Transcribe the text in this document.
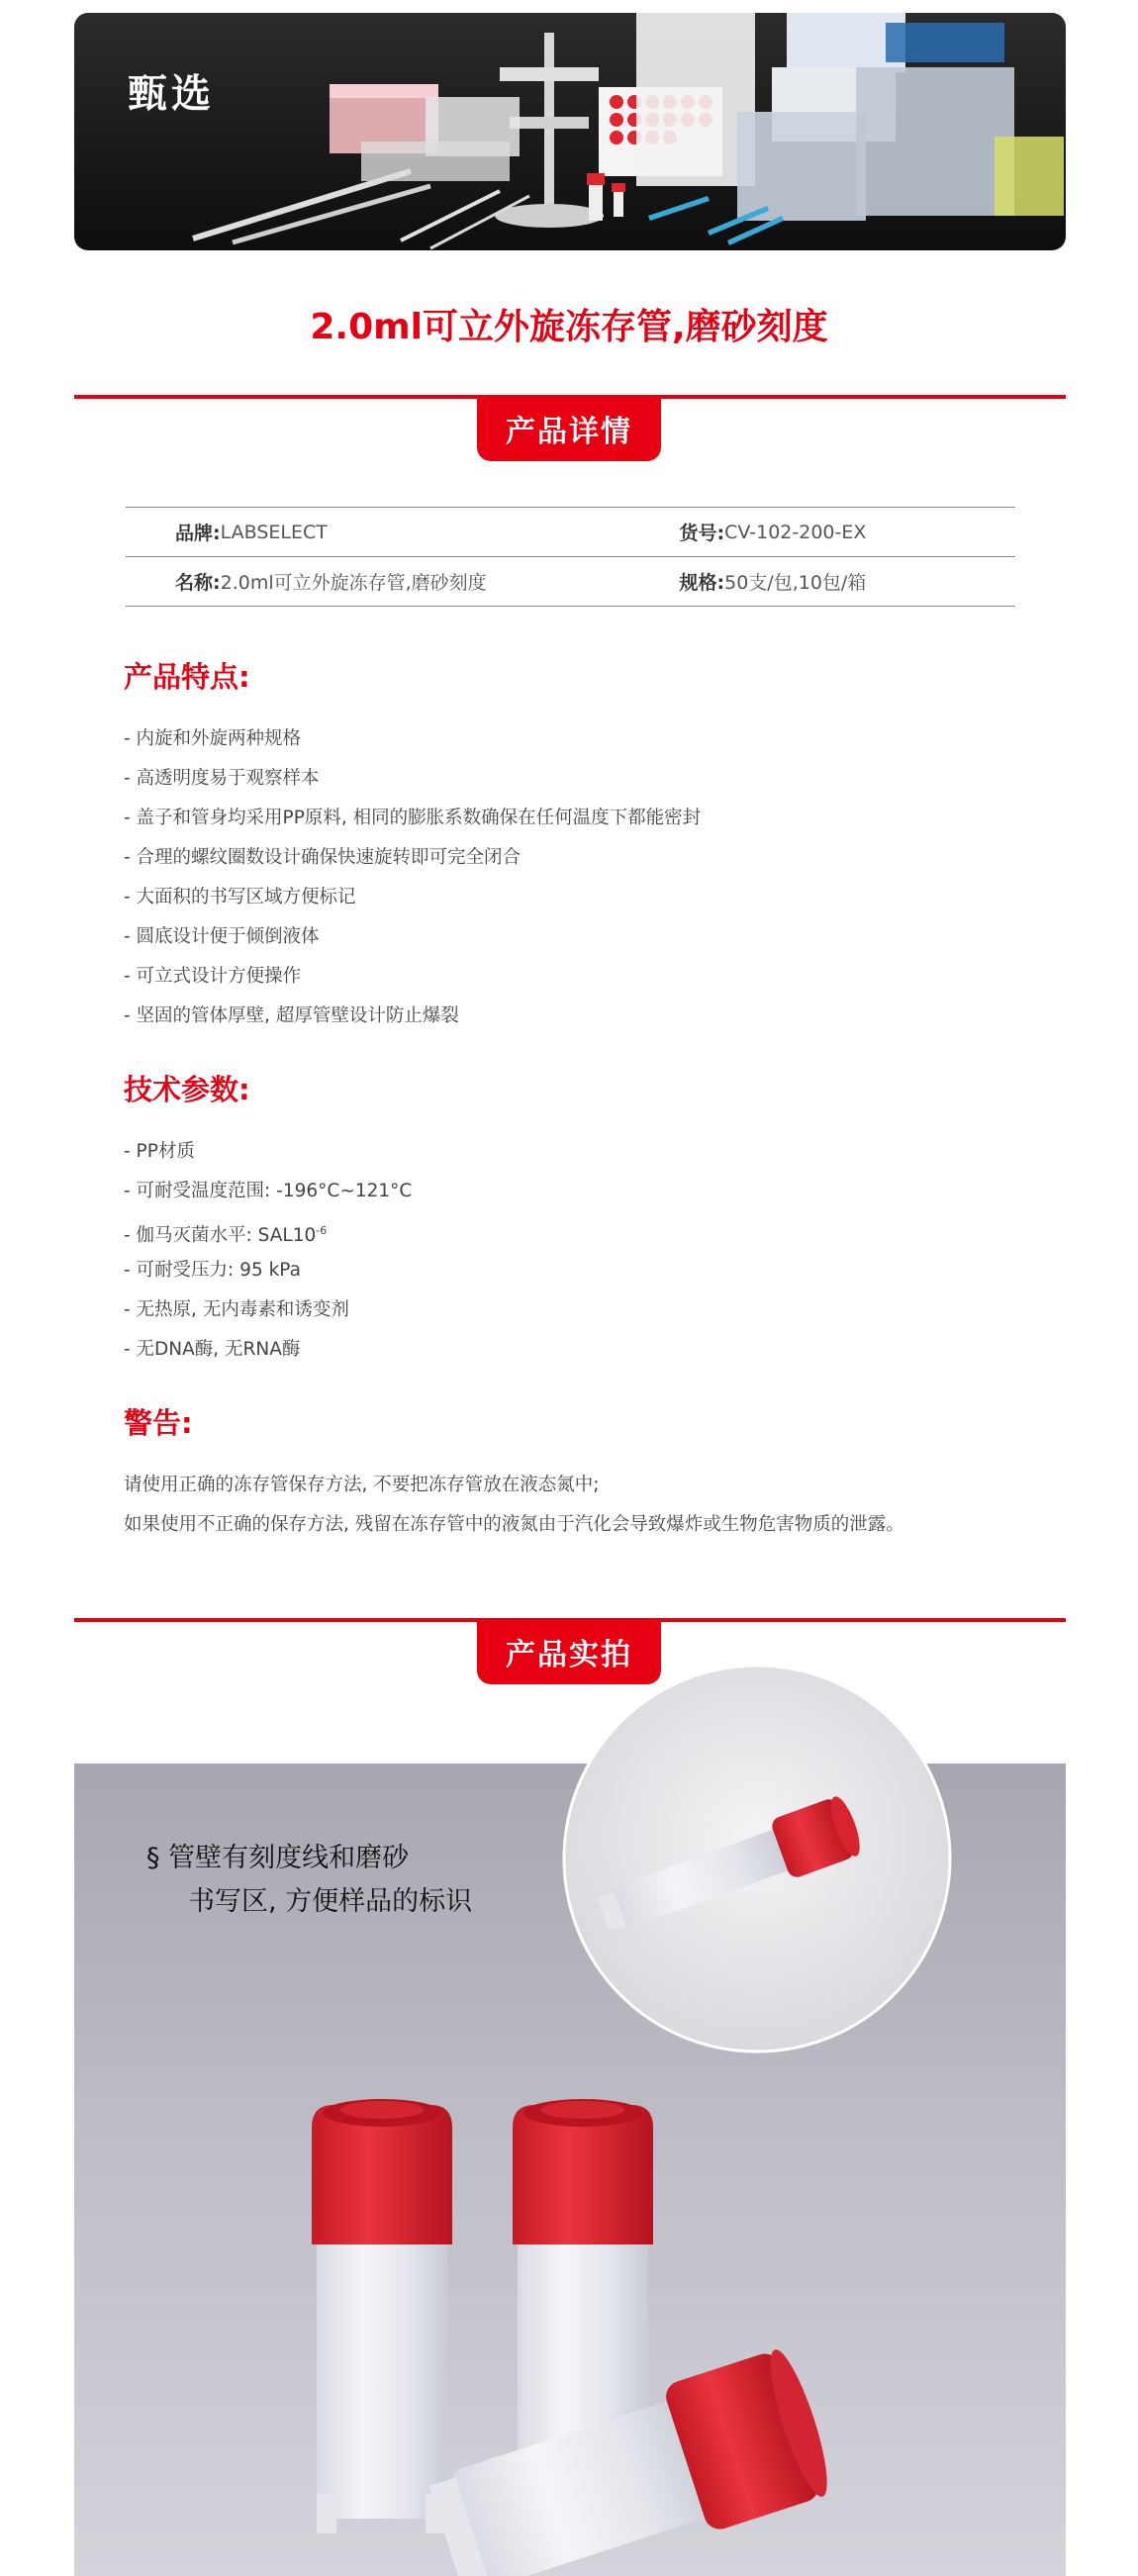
甄选
2.0ml可立外旋冻存管,磨砂刻度
产品详情
品牌: LABSELECT	货号: CV-102-200-EX
名称: 2.0ml可立外旋冻存管,磨砂刻度	规格: 50支/包,10包/箱
产品特点:
- 内旋和外旋两种规格
- 高透明度易于观察样本
- 盖子和管身均采用PP原料, 相同的膨胀系数确保在任何温度下都能密封
- 合理的螺纹圈数设计确保快速旋转即可完全闭合
- 大面积的书写区域方便标记
- 圆底设计便于倾倒液体
- 可立式设计方便操作
- 坚固的管体厚壁, 超厚管壁设计防止爆裂
技术参数:
- PP材质
- 可耐受温度范围: -196°C~121°C
- 伽马灭菌水平: $SAL10^{-6}$
- 可耐受压力: 95 kPa
- 无热原, 无内毒素和诱变剂
- 无DNA酶, 无RNA酶
警告:
请使用正确的冻存管保存方法, 不要把冻存管放在液态氮中;
如果使用不正确的保存方法, 残留在冻存管中的液氮由于汽化会导致爆炸或生物危害物质的泄露。
产品实拍
§ 管壁有刻度线和磨砂
书写区, 方便样品的标识
